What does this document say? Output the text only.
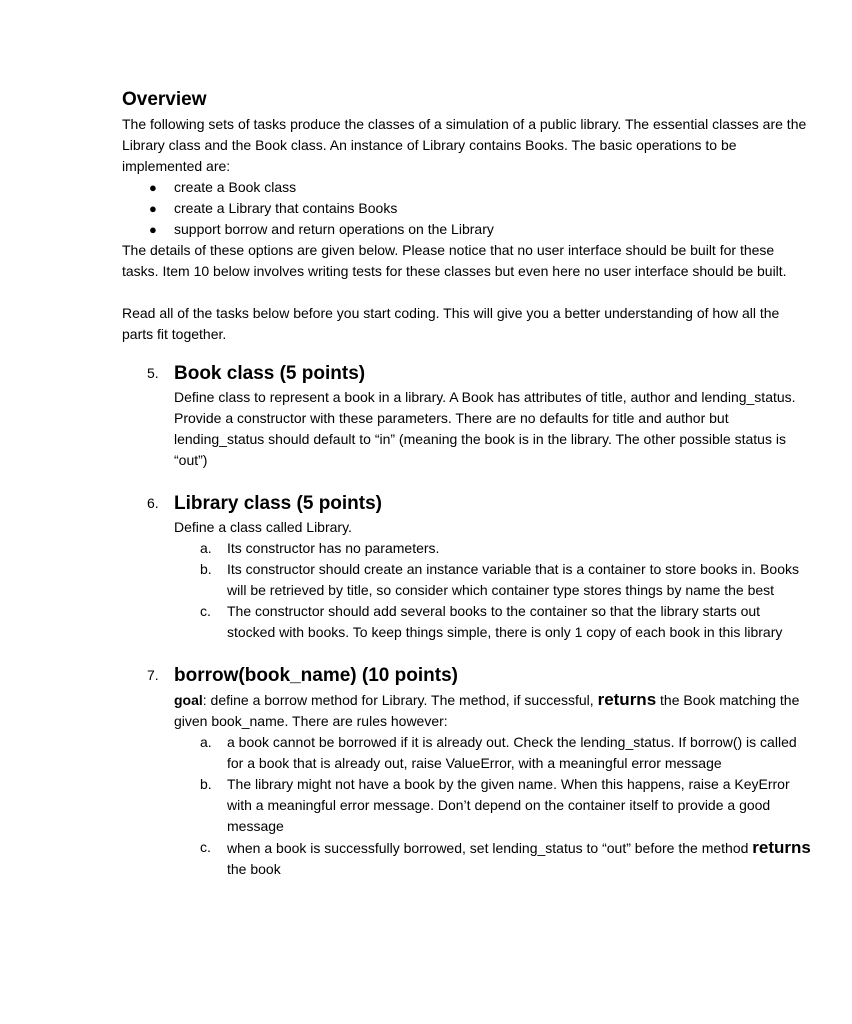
Overview

The following sets of tasks produce the classes of a simulation of a public library. The essential classes are the Library class and the Book class. An instance of Library contains Books. The basic operations to be implemented are:

● create a Book class
● create a Library that contains Books
● support borrow and return operations on the Library

The details of these options are given below. Please notice that no user interface should be built for these tasks. Item 10 below involves writing tests for these classes but even here no user interface should be built.

Read all of the tasks below before you start coding. This will give you a better understanding of how all the parts fit together.

5. Book class (5 points)

Define class to represent a book in a library. A Book has attributes of title, author and lending_status. Provide a constructor with these parameters. There are no defaults for title and author but lending_status should default to “in” (meaning the book is in the library. The other possible status is “out”)

6. Library class (5 points)

Define a class called Library.

a. Its constructor has no parameters.
b. Its constructor should create an instance variable that is a container to store books in. Books will be retrieved by title, so consider which container type stores things by name the best
c. The constructor should add several books to the container so that the library starts out stocked with books. To keep things simple, there is only 1 copy of each book in this library
7. borrow(book_name) (10 points)

goal: define a borrow method for Library. The method, if successful, returns the Book matching the given book_name. There are rules however:

a. a book cannot be borrowed if it is already out. Check the lending_status. If borrow() is called for a book that is already out, raise ValueError, with a meaningful error message
b. The library might not have a book by the given name. When this happens, raise a KeyError with a meaningful error message. Don’t depend on the container itself to provide a good message
c. when a book is successfully borrowed, set lending_status to “out” before the method returns the book
